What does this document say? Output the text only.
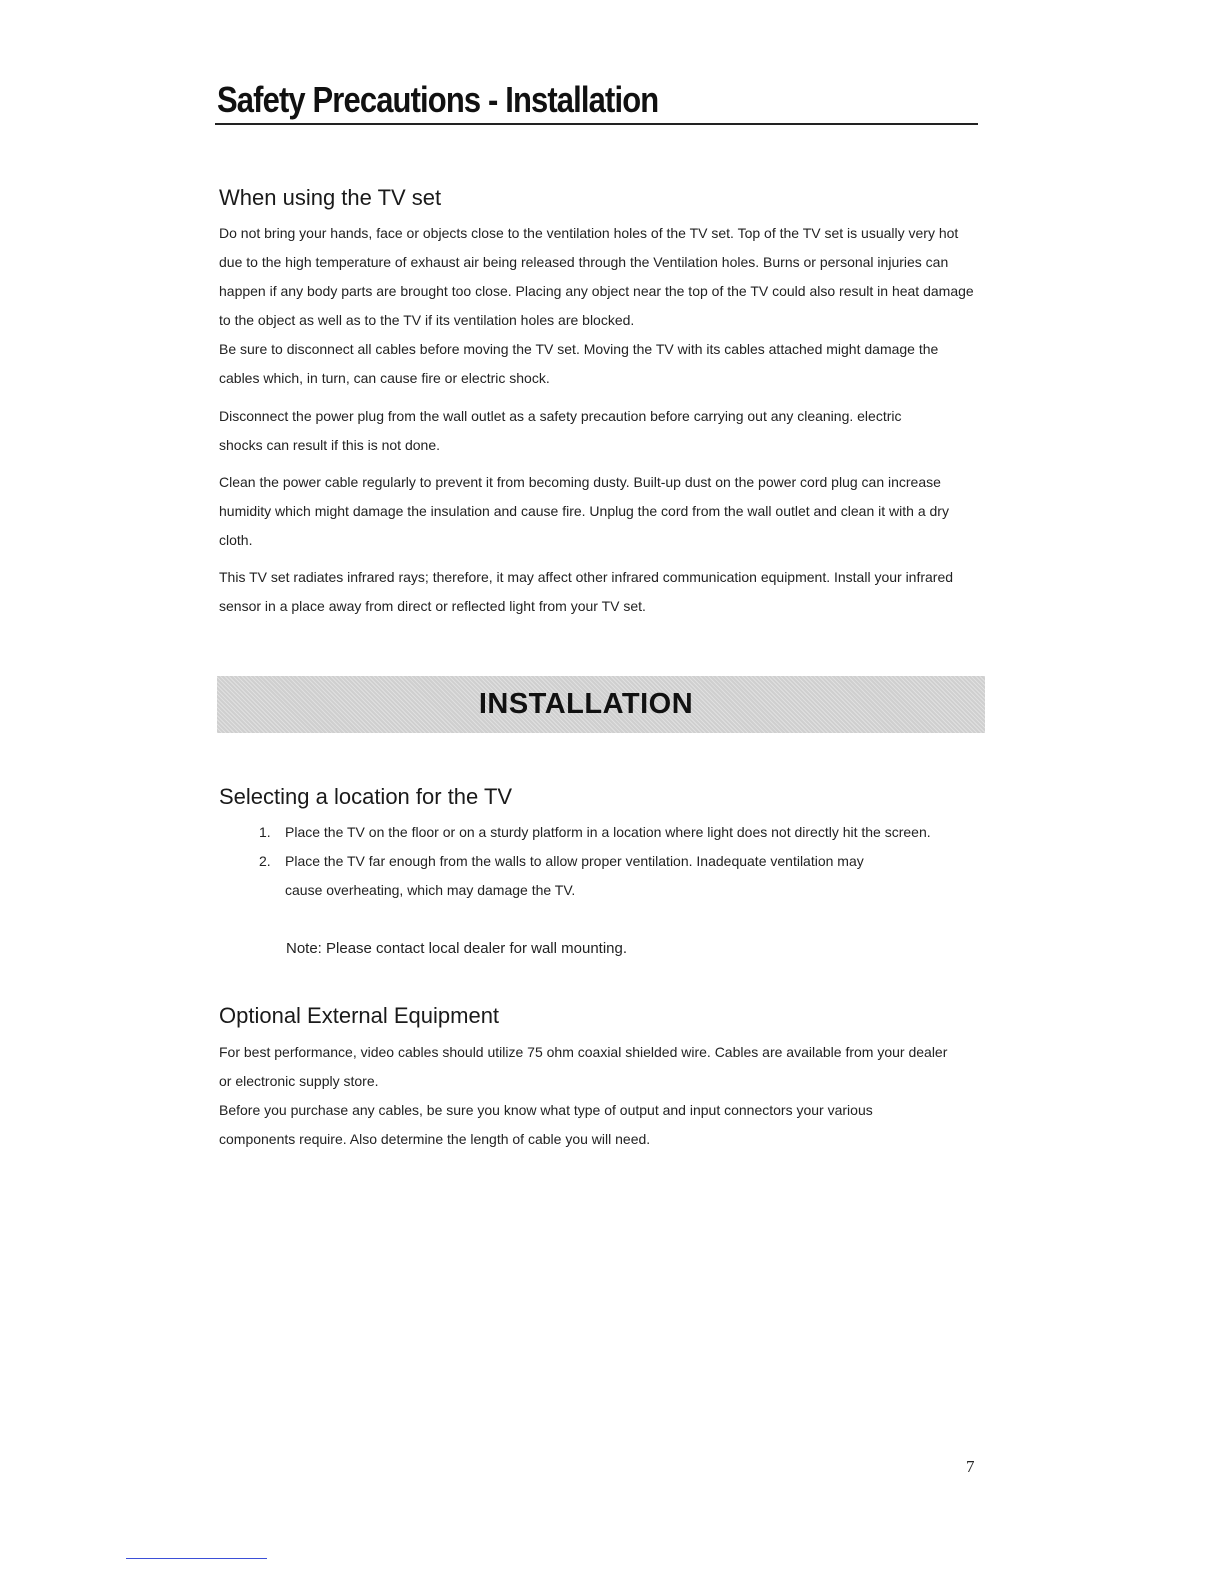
Safety Precautions - Installation
When using the TV set

Do not bring your hands, face or objects close to the ventilation holes of the TV set. Top of the TV set is usually very hot due to the high temperature of exhaust air being released through the Ventilation holes. Burns or personal injuries can happen if any body parts are brought too close. Placing any object near the top of the TV could also result in heat damage to the object as well as to the TV if its ventilation holes are blocked.

Be sure to disconnect all cables before moving the TV set. Moving the TV with its cables attached might damage the cables which, in turn, can cause fire or electric shock.

Disconnect the power plug from the wall outlet as a safety precaution before carrying out any cleaning. electric shocks can result if this is not done.

Clean the power cable regularly to prevent it from becoming dusty. Built-up dust on the power cord plug can increase humidity which might damage the insulation and cause fire. Unplug the cord from the wall outlet and clean it with a dry cloth.

This TV set radiates infrared rays; therefore, it may affect other infrared communication equipment. Install your infrared sensor in a place away from direct or reflected light from your TV set.

INSTALLATION
Selecting a location for the TV
1. Place the TV on the floor or on a sturdy platform in a location where light does not directly hit the screen.
2. Place the TV far enough from the walls to allow proper ventilation. Inadequate ventilation may cause overheating, which may damage the TV.

Note: Please contact local dealer for wall mounting.

Optional External Equipment

For best performance, video cables should utilize 75 ohm coaxial shielded wire. Cables are available from your dealer or electronic supply store.

Before you purchase any cables, be sure you know what type of output and input connectors your various components require. Also determine the length of cable you will need.

7
